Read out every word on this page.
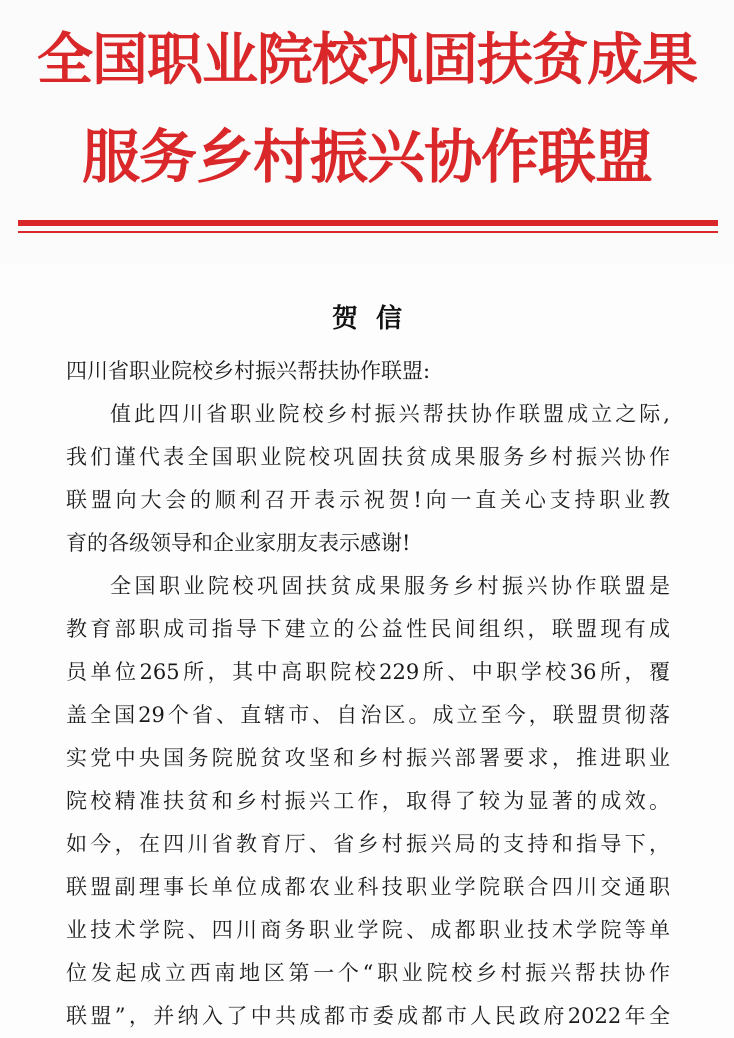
全国职业院校巩固扶贫成果
服务乡村振兴协作联盟
贺  信
四川省职业院校乡村振兴帮扶协作联盟:
值此四川省职业院校乡村振兴帮扶协作联盟成立之际,
我们谨代表全国职业院校巩固扶贫成果服务乡村振兴协作
联盟向大会的顺利召开表示祝贺!向一直关心支持职业教
育的各级领导和企业家朋友表示感谢!
全国职业院校巩固扶贫成果服务乡村振兴协作联盟是
教育部职成司指导下建立的公益性民间组织，联盟现有成
员单位265所，其中高职院校229所、中职学校36所，覆
盖全国29个省、直辖市、自治区。成立至今，联盟贯彻落
实党中央国务院脱贫攻坚和乡村振兴部署要求，推进职业
院校精准扶贫和乡村振兴工作，取得了较为显著的成效。
如今，在四川省教育厅、省乡村振兴局的支持和指导下，
联盟副理事长单位成都农业科技职业学院联合四川交通职
业技术学院、四川商务职业学院、成都职业技术学院等单
位发起成立西南地区第一个“职业院校乡村振兴帮扶协作
联盟”，并纳入了中共成都市委成都市人民政府2022年全
